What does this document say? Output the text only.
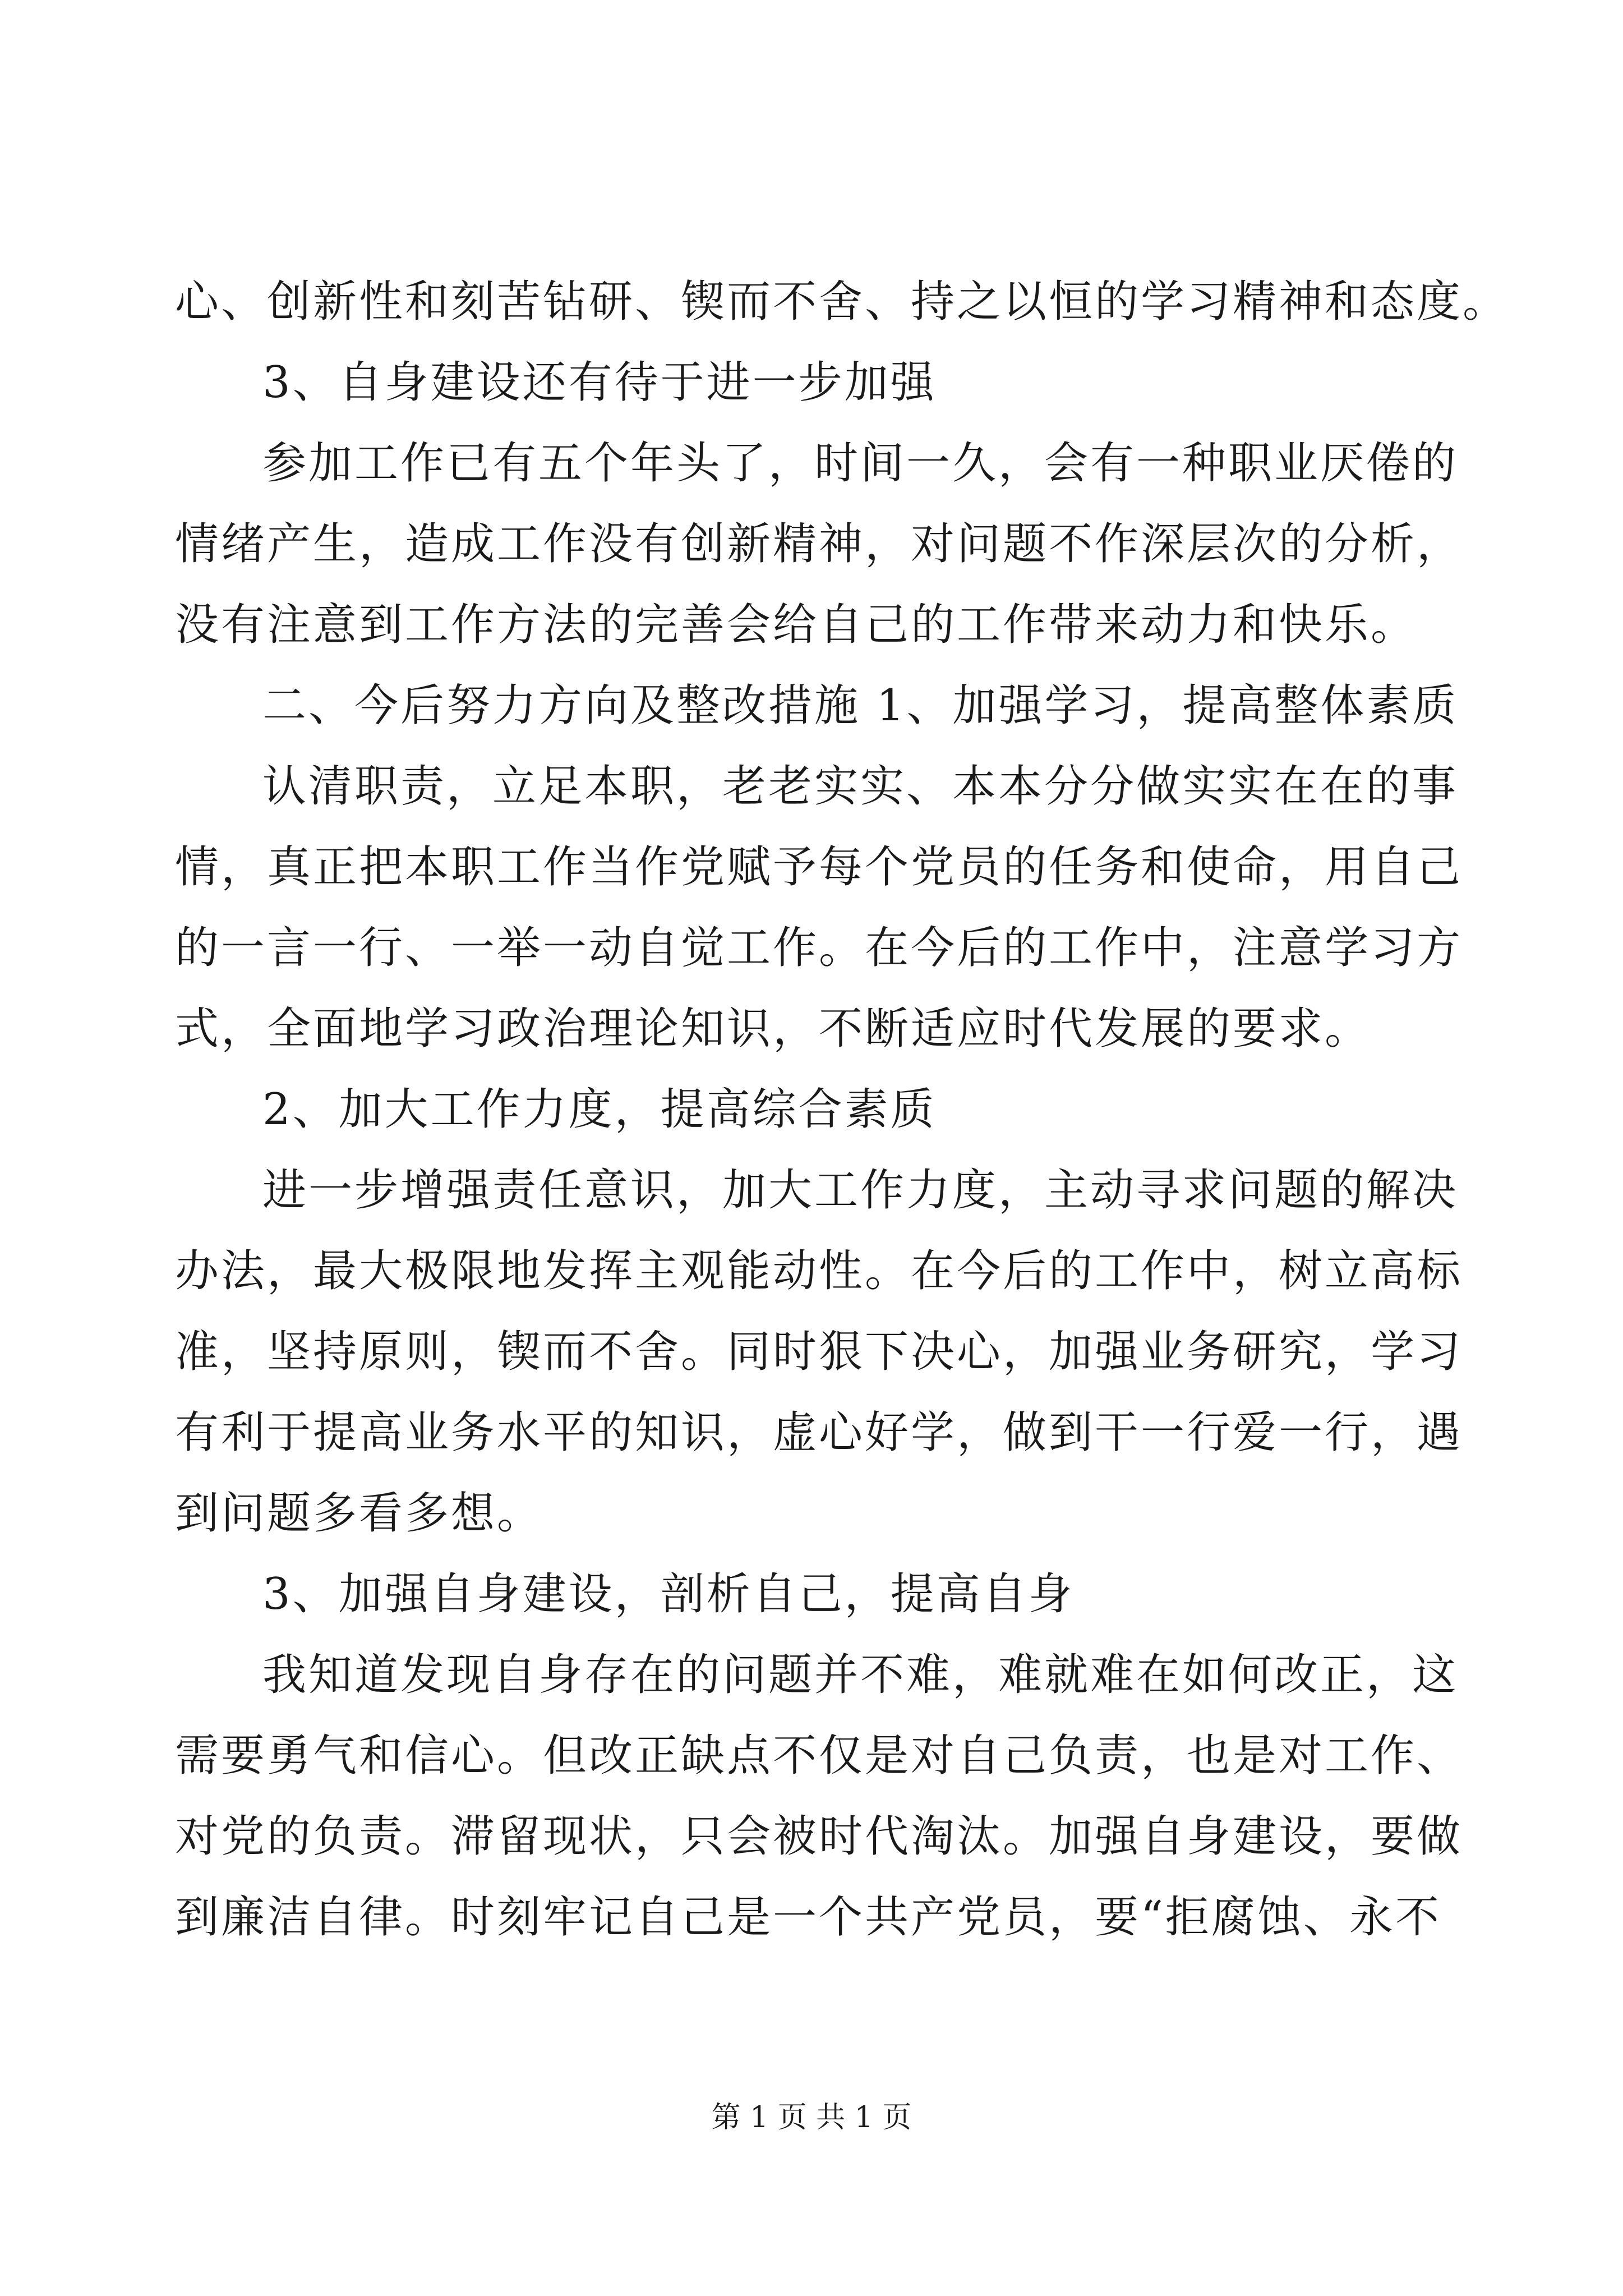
心、创新性和刻苦钻研、锲而不舍、持之以恒的学习精神和态度。
3、自身建设还有待于进一步加强
参加工作已有五个年头了，时间一久，会有一种职业厌倦的
情绪产生，造成工作没有创新精神，对问题不作深层次的分析，
没有注意到工作方法的完善会给自己的工作带来动力和快乐。
二、今后努力方向及整改措施 1、加强学习，提高整体素质
认清职责，立足本职，老老实实、本本分分做实实在在的事
情，真正把本职工作当作党赋予每个党员的任务和使命，用自己
的一言一行、一举一动自觉工作。在今后的工作中，注意学习方
式，全面地学习政治理论知识，不断适应时代发展的要求。
2、加大工作力度，提高综合素质
进一步增强责任意识，加大工作力度，主动寻求问题的解决
办法，最大极限地发挥主观能动性。在今后的工作中，树立高标
准，坚持原则，锲而不舍。同时狠下决心，加强业务研究，学习
有利于提高业务水平的知识，虚心好学，做到干一行爱一行，遇
到问题多看多想。
3、加强自身建设，剖析自己，提高自身
我知道发现自身存在的问题并不难，难就难在如何改正，这
需要勇气和信心。但改正缺点不仅是对自己负责，也是对工作、
对党的负责。滞留现状，只会被时代淘汰。加强自身建设，要做
到廉洁自律。时刻牢记自己是一个共产党员，要“拒腐蚀、永不
第 1 页 共 1 页
